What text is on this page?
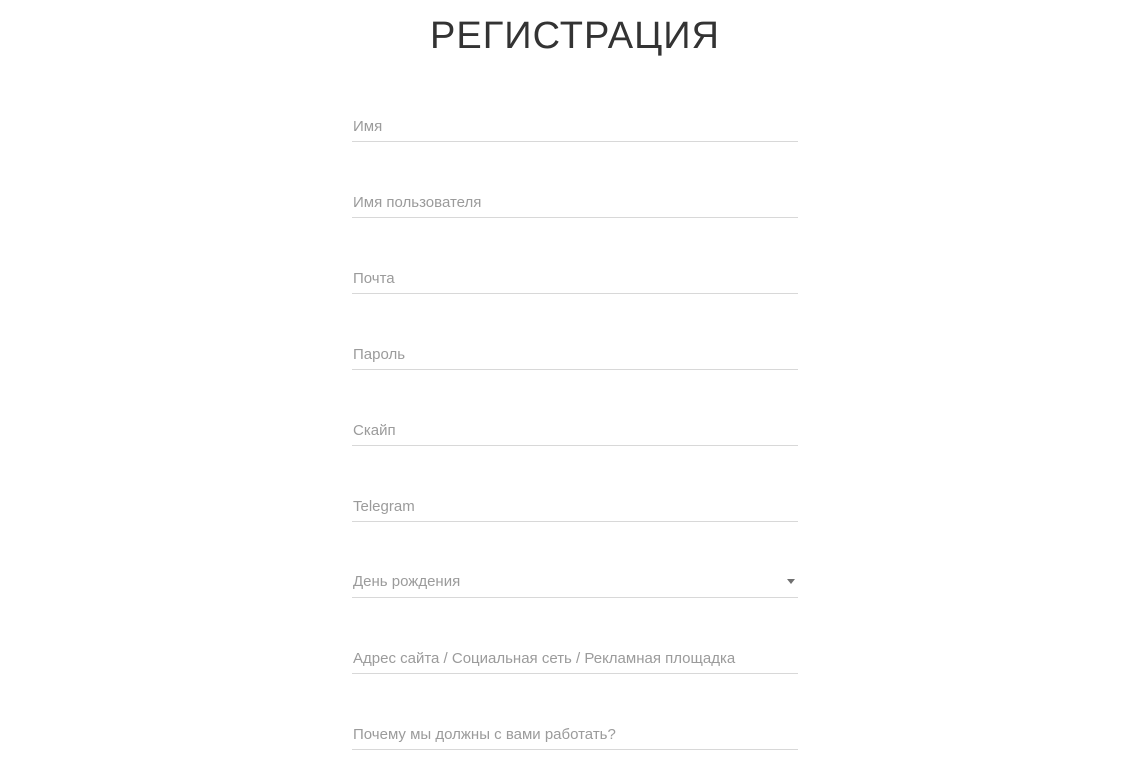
РЕГИСТРАЦИЯ
Имя
Имя пользователя
Почта
Скайп
Telegram
День рождения
Адрес сайта / Социальная сеть / Рекламная площадка
Почему мы должны с вами работать?
